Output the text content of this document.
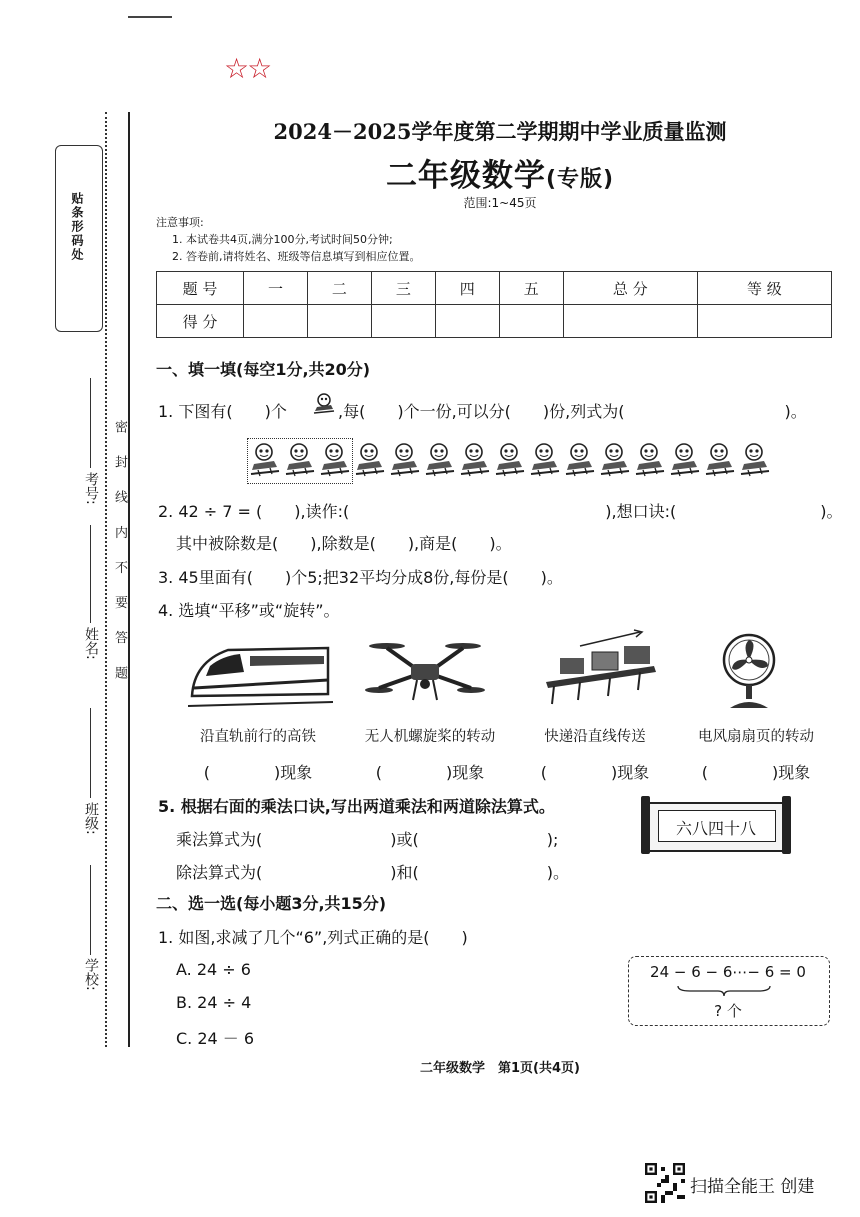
☆☆
贴条形码处
密 封 线 内 不 要 答 题
考号:
姓名:
班级:
学校:
2024－2025学年度第二学期期中学业质量监测
二年级数学(专版)
范围:1~45页
注意事项:
1. 本试卷共4页,满分100分,考试时间50分钟;
2. 答卷前,请将姓名、班级等信息填写到相应位置。
题 号	一	二	三	四	五	总 分	等 级
得 分							
一、填一填(每空1分,共20分)
1. 下图有(　　)个	,每(　　)个一份,可以分(　　)份,列式为(　　　　　　　　　　)。
2. 42 ÷ 7 = (　　),读作:(　　　　　　　　　　　　　　　　),想口诀:(　　　　　　　　　)。
其中被除数是(　　),除数是(　　),商是(　　)。
3. 45里面有(　　)个5;把32平均分成8份,每份是(　　)。
4. 选填“平移”或“旋转”。
沿直轨前行的高铁	无人机螺旋桨的转动	快递沿直线传送	电风扇扇页的转动
(　　　　)现象	(　　　　)现象	(　　　　)现象	(　　　　)现象
5. 根据右面的乘法口诀,写出两道乘法和两道除法算式。
乘法算式为(　　　　　　　　)或(　　　　　　　　);
除法算式为(　　　　　　　　)和(　　　　　　　　)。
六八四十八
二、选一选(每小题3分,共15分)
1. 如图,求减了几个“6”,列式正确的是(　　)
A. 24 ÷ 6
B. 24 ÷ 4
C. 24 － 6
24 − 6 − 6⋯− 6 = 0
? 个
二年级数学　第1页(共4页)
扫描全能王 创建
